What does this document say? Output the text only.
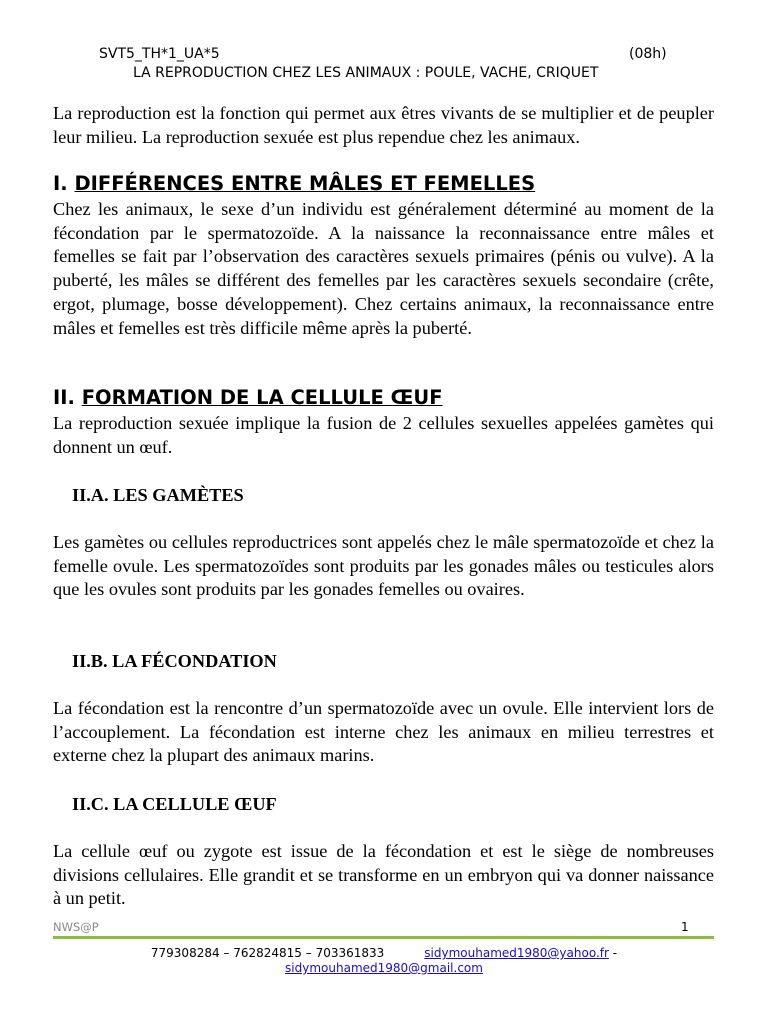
SVT5_TH*1_UA*5	(08h)
LA REPRODUCTION CHEZ LES ANIMAUX : POULE, VACHE, CRIQUET
La reproduction est la fonction qui permet aux êtres vivants de se multiplier et de peupler leur milieu. La reproduction sexuée est plus rependue chez les animaux.
I. DIFFÉRENCES ENTRE MÂLES ET FEMELLES
Chez les animaux, le sexe d’un individu est généralement déterminé au moment de la fécondation par le spermatozoïde. A la naissance la reconnaissance entre mâles et femelles se fait par l’observation des caractères sexuels primaires (pénis ou vulve). A la puberté, les mâles se différent des femelles par les caractères sexuels secondaire (crête, ergot, plumage, bosse développement). Chez certains animaux, la reconnaissance entre mâles et femelles est très difficile même après la puberté.
II. FORMATION DE LA CELLULE ŒUF
La reproduction sexuée implique la fusion de 2 cellules sexuelles appelées gamètes qui donnent un œuf.
II.A. LES GAMÈTES
Les gamètes ou cellules reproductrices sont appelés chez le mâle spermatozoïde et chez la femelle ovule. Les spermatozoïdes sont produits par les gonades mâles ou testicules alors que les ovules sont produits par les gonades femelles ou ovaires.
II.B. LA FÉCONDATION
La fécondation est la rencontre d’un spermatozoïde avec un ovule. Elle intervient lors de l’accouplement. La fécondation est interne chez les animaux en milieu terrestres et externe chez la plupart des animaux marins.
II.C. LA CELLULE ŒUF
La cellule œuf ou zygote est issue de la fécondation et est le siège de nombreuses divisions cellulaires. Elle grandit et se transforme en un embryon qui va donner naissance à un petit.
NWS@P	1
779308284 – 762824815 – 703361833	sidymouhamed1980@yahoo.fr -
sidymouhamed1980@gmail.com
